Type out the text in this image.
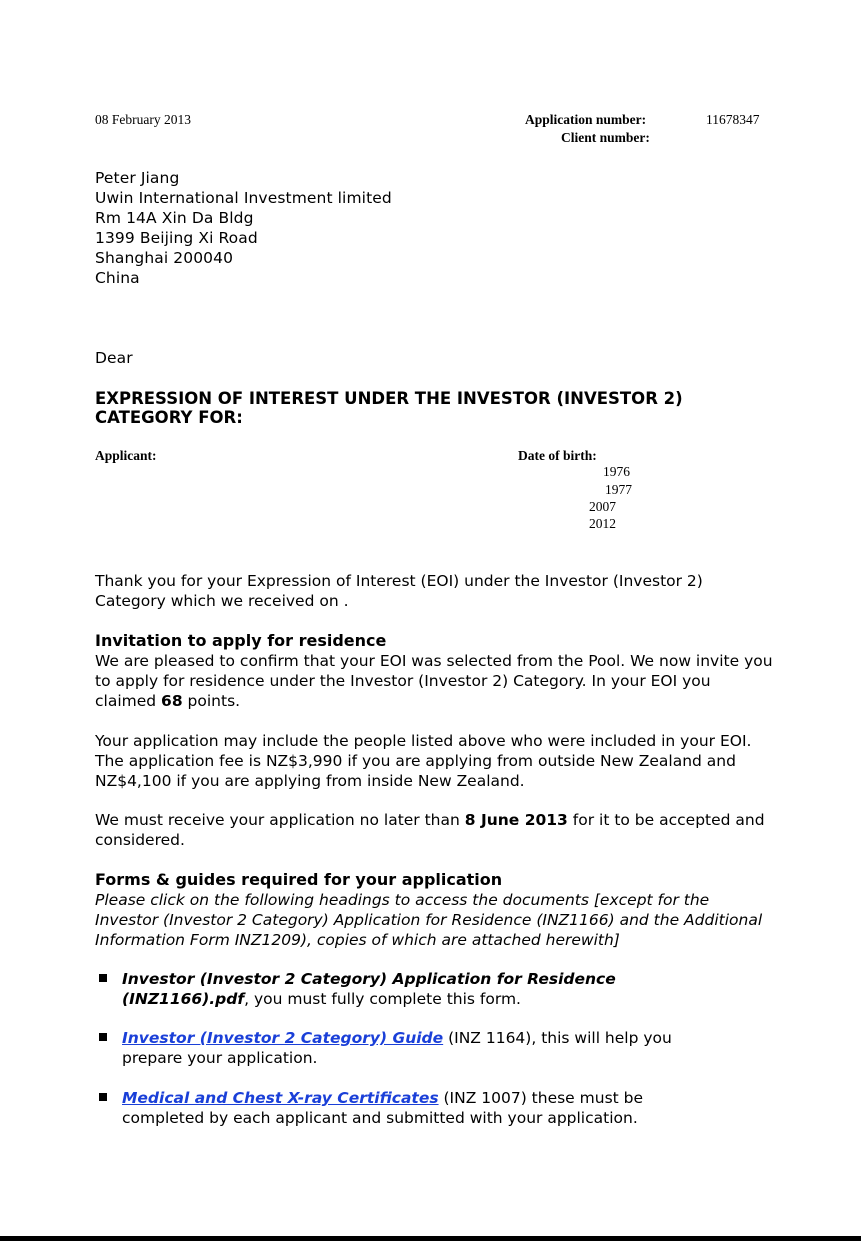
08 February 2013	Application number:	11678347
Client number:
Peter Jiang
Uwin International Investment limited
Rm 14A Xin Da Bldg
1399 Beijing Xi Road
Shanghai 200040
China
Dear
EXPRESSION OF INTEREST UNDER THE INVESTOR (INVESTOR 2)
CATEGORY FOR:
Applicant:	Date of birth:
1976
1977
2007
2012
Thank you for your Expression of Interest (EOI) under the Investor (Investor 2) Category which we received on .
Invitation to apply for residence
We are pleased to confirm that your EOI was selected from the Pool. We now invite you to apply for residence under the Investor (Investor 2) Category. In your EOI you claimed 68 points.
Your application may include the people listed above who were included in your EOI. The application fee is NZ$3,990 if you are applying from outside New Zealand and NZ$4,100 if you are applying from inside New Zealand.
We must receive your application no later than 8 June 2013 for it to be accepted and considered.
Forms & guides required for your application
Please click on the following headings to access the documents [except for the Investor (Investor 2 Category) Application for Residence (INZ1166) and the Additional Information Form INZ1209), copies of which are attached herewith]
Investor (Investor 2 Category) Application for Residence (INZ1166).pdf, you must fully complete this form.
Investor (Investor 2 Category) Guide (INZ 1164), this will help you prepare your application.
Medical and Chest X-ray Certificates (INZ 1007) these must be completed by each applicant and submitted with your application.
